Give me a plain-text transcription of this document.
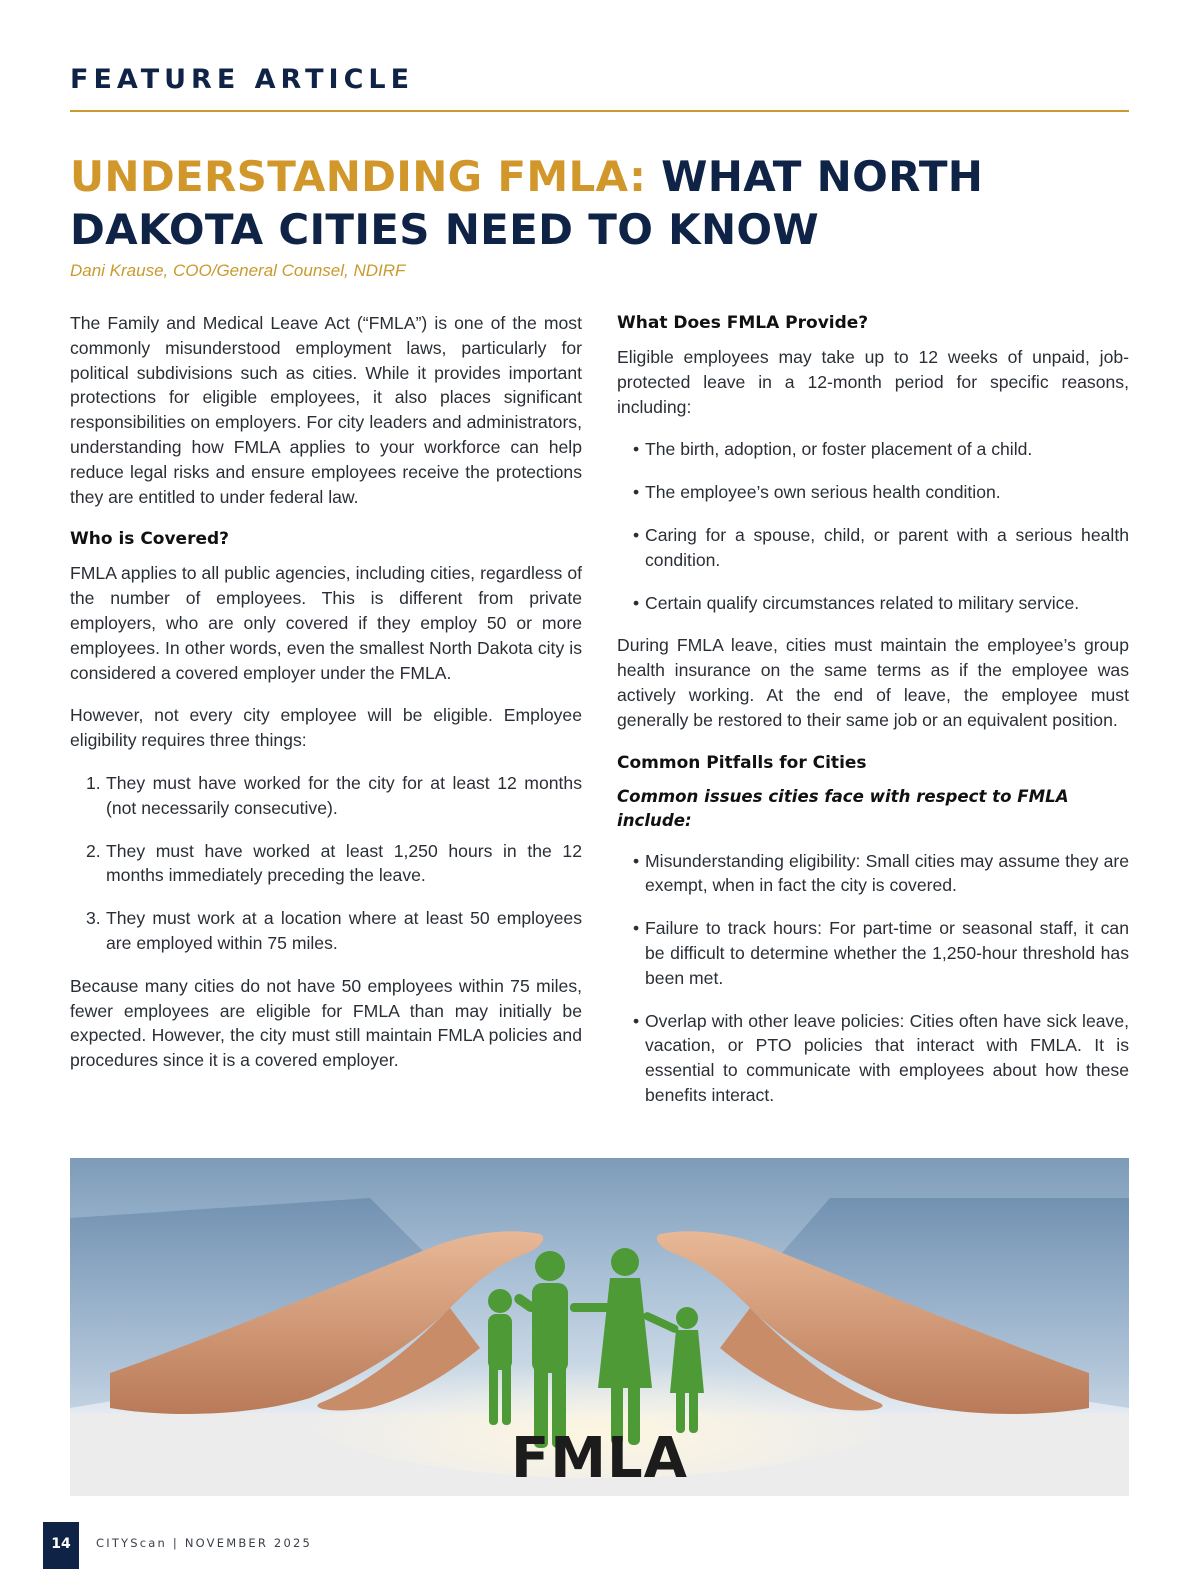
FEATURE ARTICLE
UNDERSTANDING FMLA: WHAT NORTH DAKOTA CITIES NEED TO KNOW
Dani Krause, COO/General Counsel, NDIRF

The Family and Medical Leave Act (“FMLA”) is one of the most commonly misunderstood employment laws, particularly for political subdivisions such as cities. While it provides important protections for eligible employees, it also places significant responsibilities on employers. For city leaders and administrators, understanding how FMLA applies to your workforce can help reduce legal risks and ensure employees receive the protections they are entitled to under federal law.

Who is Covered?

FMLA applies to all public agencies, including cities, regardless of the number of employees. This is different from private employers, who are only covered if they employ 50 or more employees. In other words, even the smallest North Dakota city is considered a covered employer under the FMLA.

However, not every city employee will be eligible. Employee eligibility requires three things:

1. They must have worked for the city for at least 12 months (not necessarily consecutive).
2. They must have worked at least 1,250 hours in the 12 months immediately preceding the leave.
3. They must work at a location where at least 50 employees are employed within 75 miles.

Because many cities do not have 50 employees within 75 miles, fewer employees are eligible for FMLA than may initially be expected. However, the city must still maintain FMLA policies and procedures since it is a covered employer.

What Does FMLA Provide?

Eligible employees may take up to 12 weeks of unpaid, job-protected leave in a 12-month period for specific reasons, including:

• The birth, adoption, or foster placement of a child.
• The employee’s own serious health condition.
• Caring for a spouse, child, or parent with a serious health condition.
• Certain qualify circumstances related to military service.

During FMLA leave, cities must maintain the employee’s group health insurance on the same terms as if the employee was actively working. At the end of leave, the employee must generally be restored to their same job or an equivalent position.

Common Pitfalls for Cities
Common issues cities face with respect to FMLA include:
• Misunderstanding eligibility: Small cities may assume they are exempt, when in fact the city is covered.
• Failure to track hours: For part-time or seasonal staff, it can be difficult to determine whether the 1,250-hour threshold has been met.
• Overlap with other leave policies: Cities often have sick leave, vacation, or PTO policies that interact with FMLA. It is essential to communicate with employees about how these benefits interact.
FMLA
14	CITYScan | NOVEMBER 2025
